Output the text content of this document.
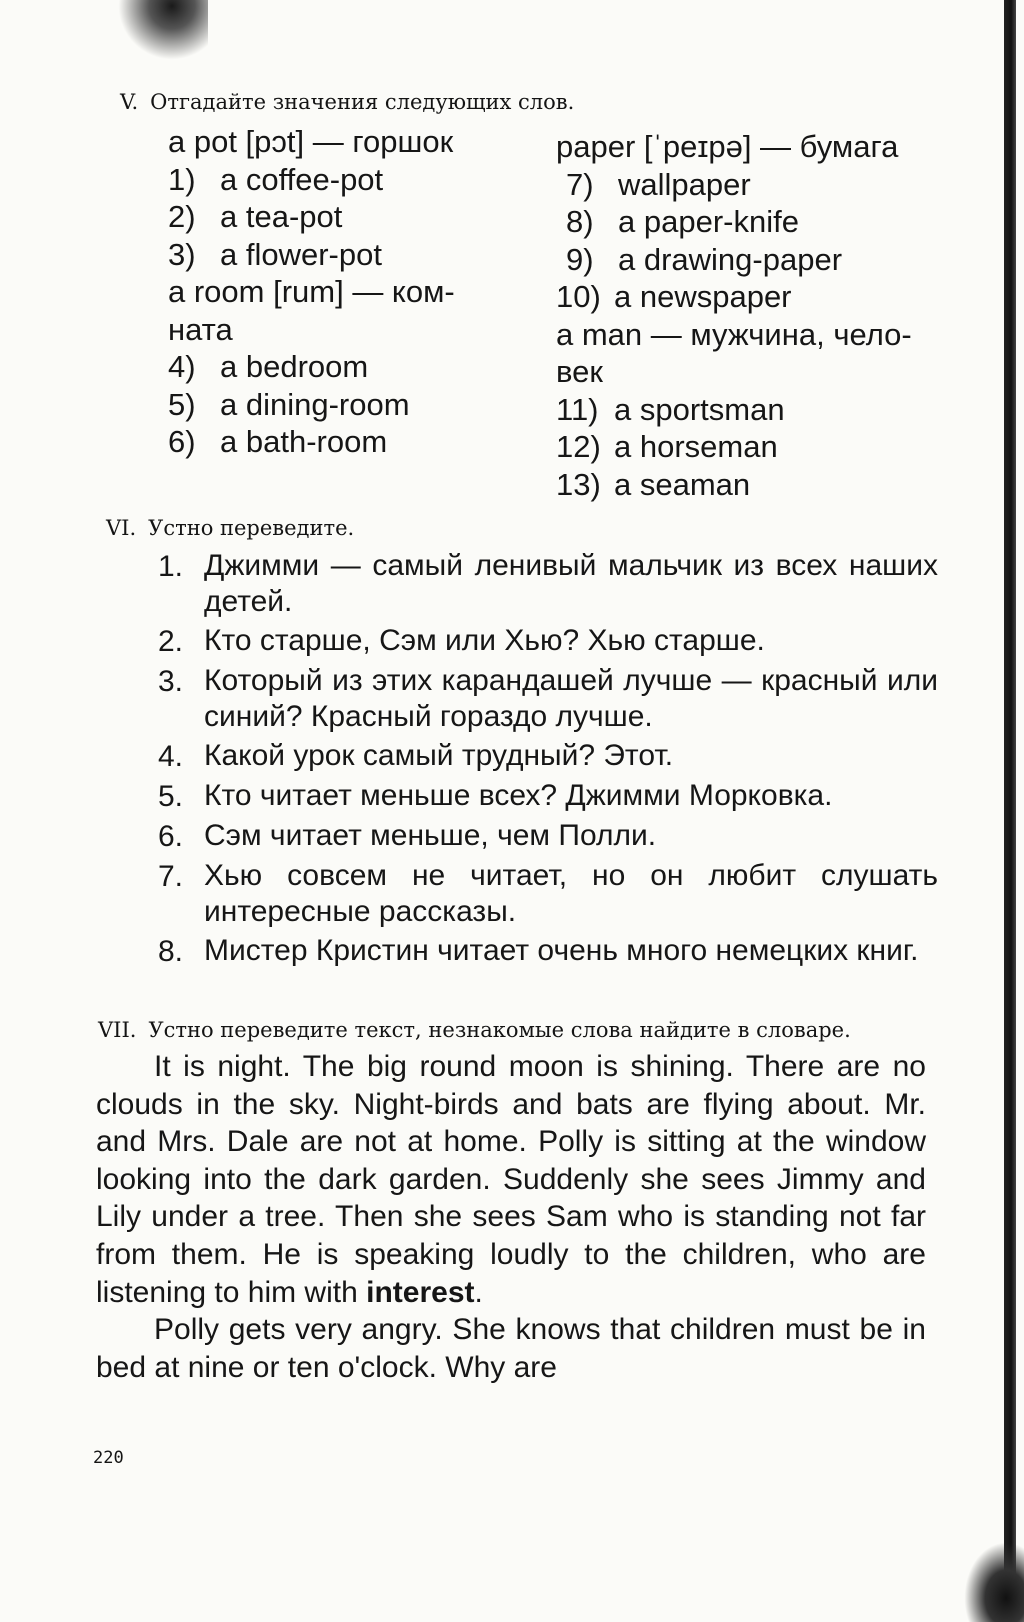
V. Отгадайте значения следующих слов.
a pot [pɔt] — горшок
1) a coffee-pot
2) a tea-pot
3) a flower-pot
a room [rum] — ком-
ната
4) a bedroom
5) a dining-room
6) a bath-room
paper [ˈpeɪpə] — бумага
7) wallpaper
8) a paper-knife
9) a drawing-paper
10) a newspaper
a man — мужчина, чело-
век
11) a sportsman
12) a horseman
13) a seaman
VI. Устно переведите.
1. Джимми — самый ленивый мальчик из всех наших детей.
2. Кто старше, Сэм или Хью? Хью старше.
3. Который из этих карандашей лучше — красный или синий? Красный гораздо лучше.
4. Какой урок самый трудный? Этот.
5. Кто читает меньше всех? Джимми Морковка.
6. Сэм читает меньше, чем Полли.
7. Хью совсем не читает, но он любит слушать интересные рассказы.
8. Мистер Кристин читает очень много немецких книг.
VII. Устно переведите текст, незнакомые слова найдите в словаре.

It is night. The big round moon is shining. There are no clouds in the sky. Night-birds and bats are flying about. Mr. and Mrs. Dale are not at home. Polly is sitting at the window looking into the dark garden. Suddenly she sees Jimmy and Lily under a tree. Then she sees Sam who is standing not far from them. He is speaking loudly to the children, who are listening to him with interest.

Polly gets very angry. She knows that children must be in bed at nine or ten o'clock. Why are

220
